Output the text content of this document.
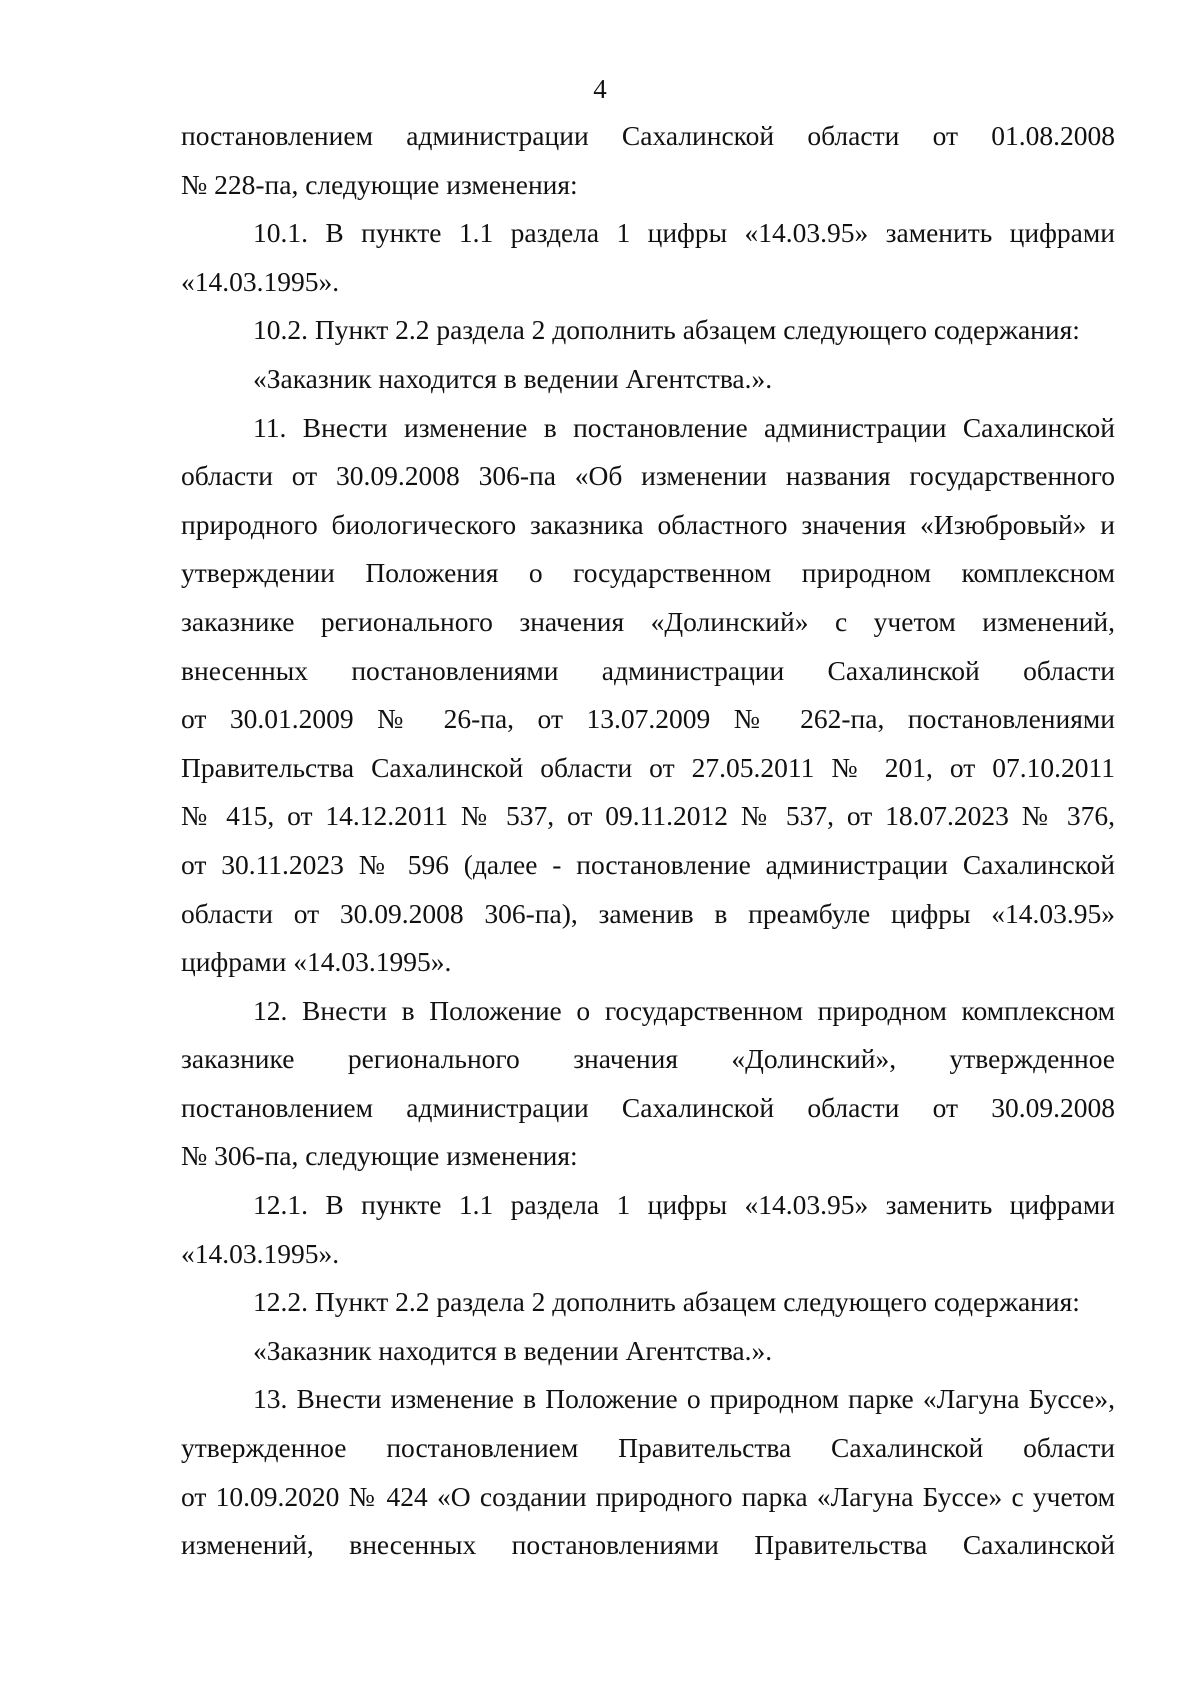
4
постановлением администрации Сахалинской области от 01.08.2008
№ 228-па, следующие изменения:
10.1. В пункте 1.1 раздела 1 цифры «14.03.95» заменить цифрами
«14.03.1995».
10.2. Пункт 2.2 раздела 2 дополнить абзацем следующего содержания:
«Заказник находится в ведении Агентства.».
11. Внести изменение в постановление администрации Сахалинской
области от 30.09.2008 306-па «Об изменении названия государственного
природного биологического заказника областного значения «Изюбровый» и
утверждении Положения о государственном природном комплексном
заказнике регионального значения «Долинский» с учетом изменений,
внесенных постановлениями администрации Сахалинской области
от 30.01.2009 № 26-па, от 13.07.2009 № 262-па, постановлениями
Правительства Сахалинской области от 27.05.2011 № 201, от 07.10.2011
№ 415, от 14.12.2011 № 537, от 09.11.2012 № 537, от 18.07.2023 № 376,
от 30.11.2023 № 596 (далее - постановление администрации Сахалинской
области от 30.09.2008 306-па), заменив в преамбуле цифры «14.03.95»
цифрами «14.03.1995».
12. Внести в Положение о государственном природном комплексном
заказнике регионального значения «Долинский», утвержденное
постановлением администрации Сахалинской области от 30.09.2008
№ 306-па, следующие изменения:
12.1. В пункте 1.1 раздела 1 цифры «14.03.95» заменить цифрами
«14.03.1995».
12.2. Пункт 2.2 раздела 2 дополнить абзацем следующего содержания:
«Заказник находится в ведении Агентства.».
13. Внести изменение в Положение о природном парке «Лагуна Буссе»,
утвержденное постановлением Правительства Сахалинской области
от 10.09.2020 № 424 «О создании природного парка «Лагуна Буссе» с учетом
изменений, внесенных постановлениями Правительства Сахалинской
